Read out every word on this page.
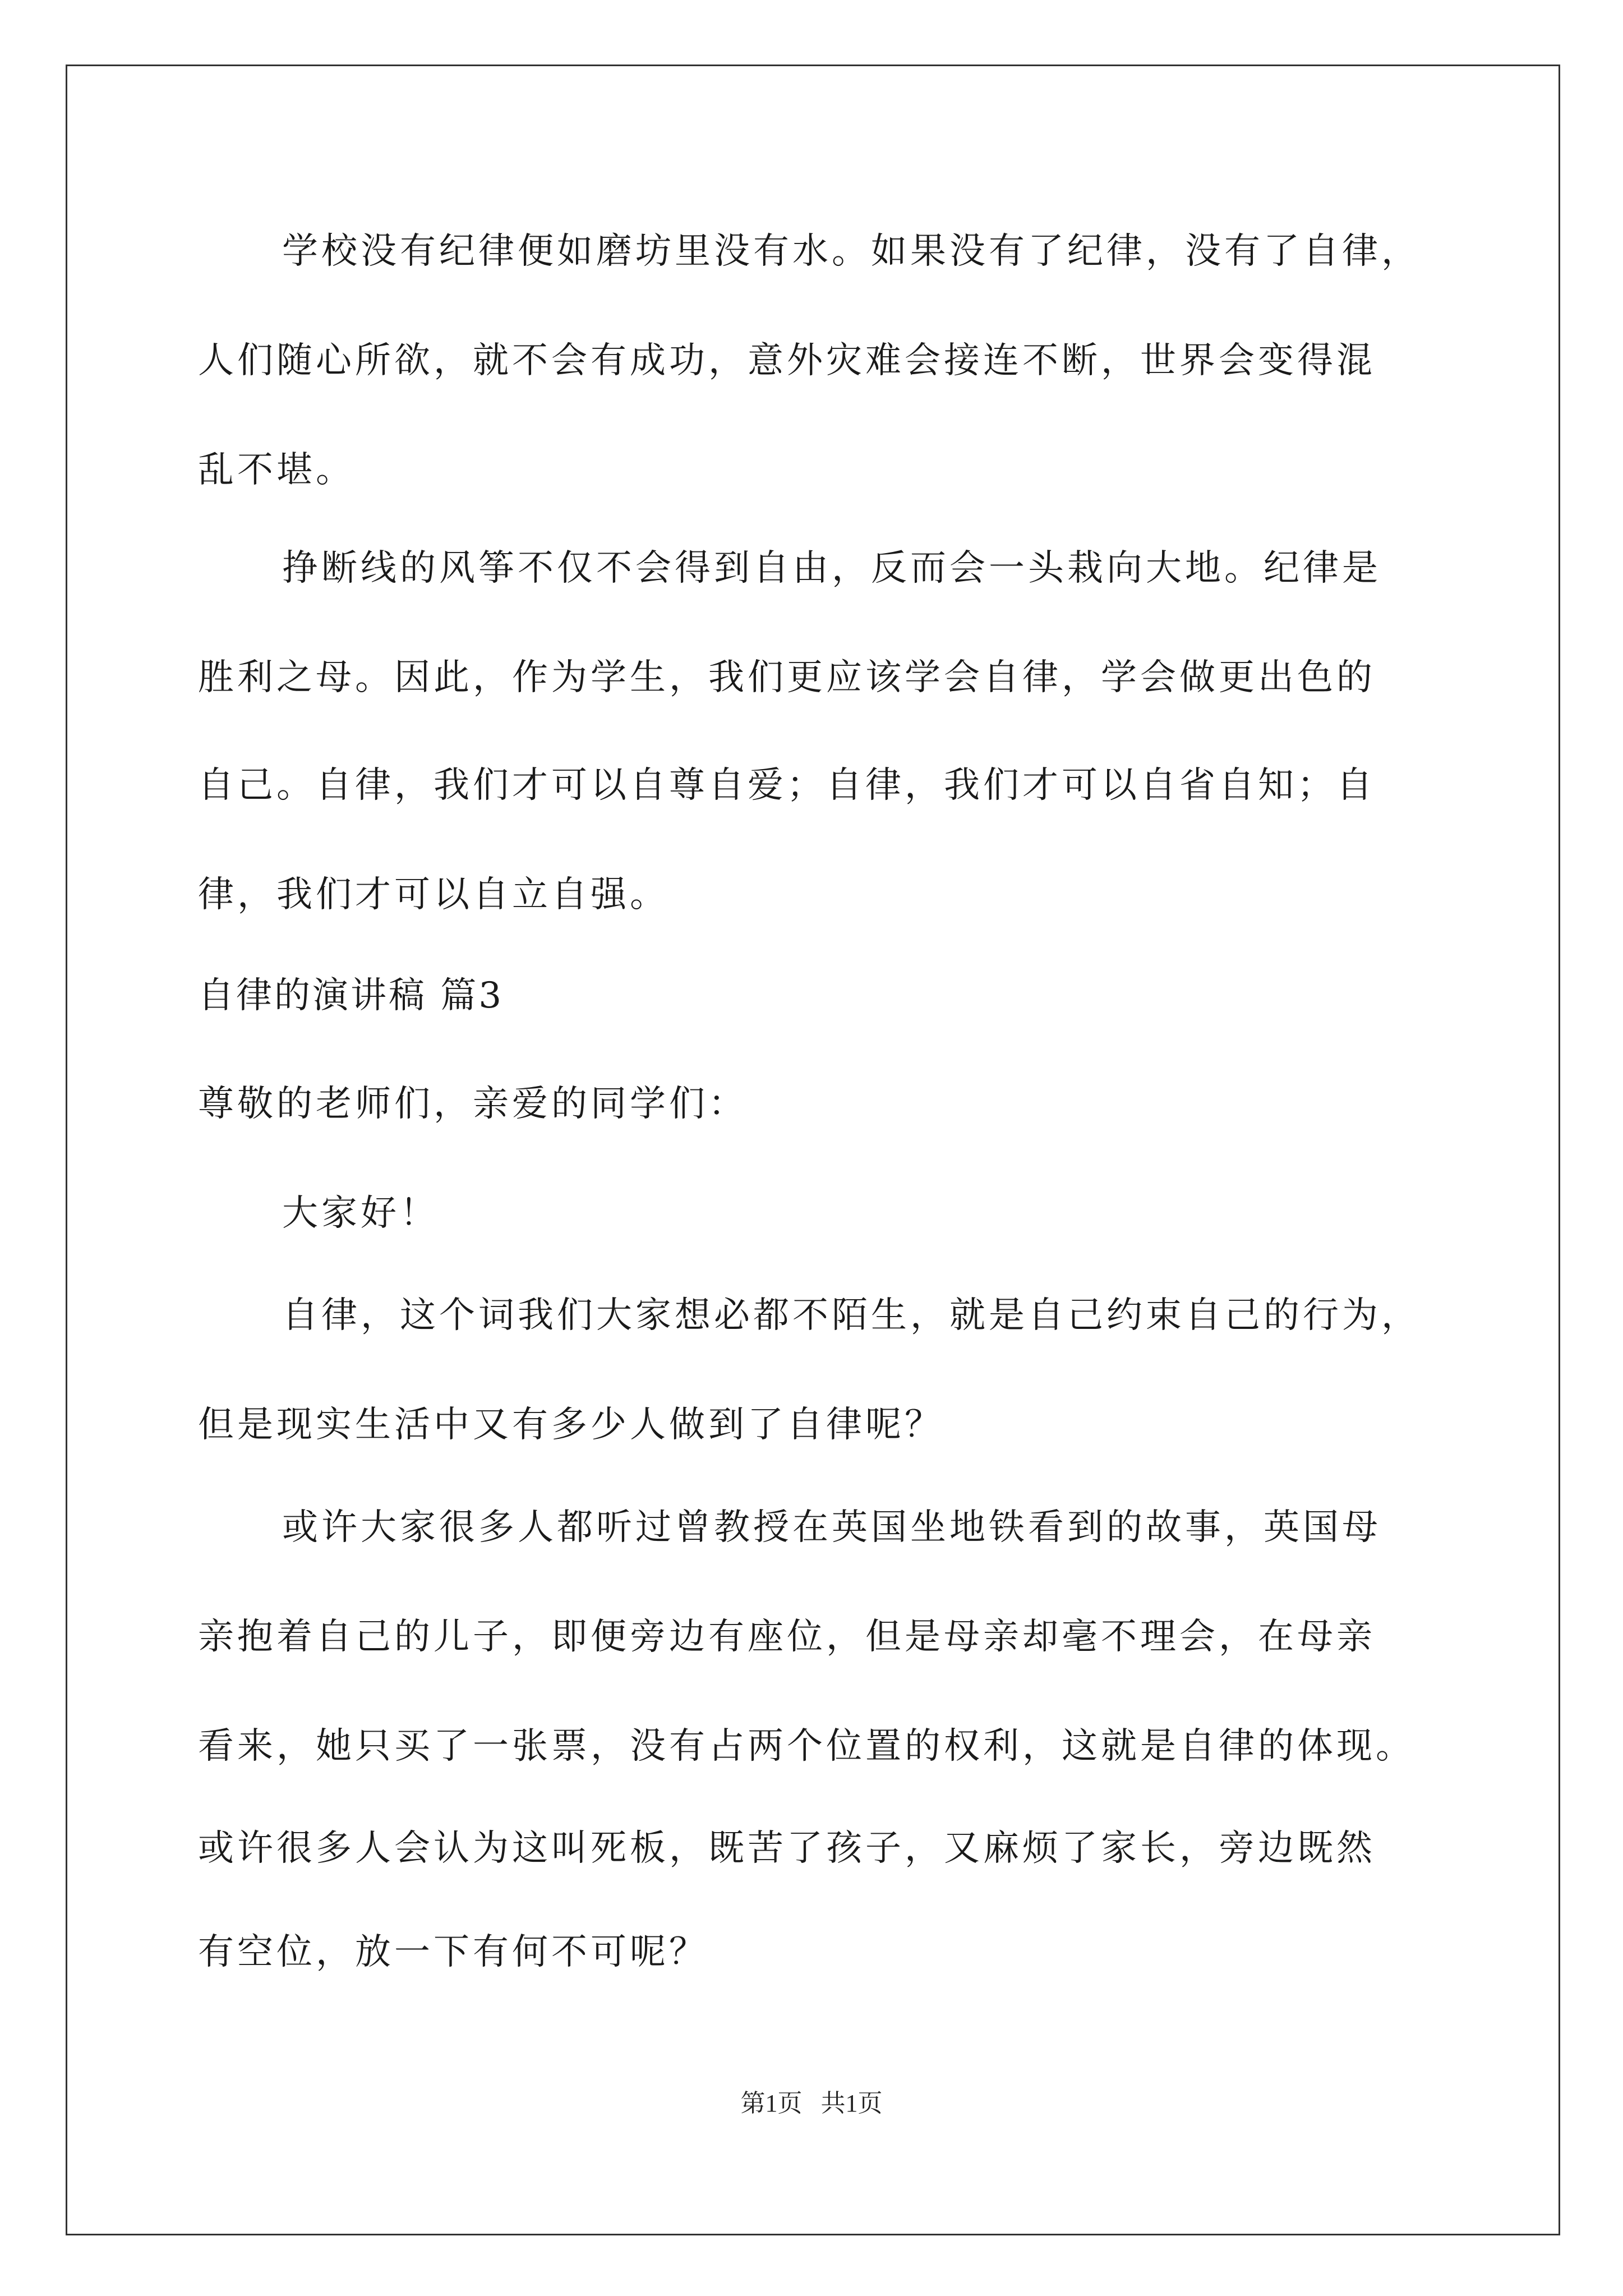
学校没有纪律便如磨坊里没有水。如果没有了纪律，没有了自律，
人们随心所欲，就不会有成功，意外灾难会接连不断，世界会变得混
乱不堪。
挣断线的风筝不仅不会得到自由，反而会一头栽向大地。纪律是
胜利之母。因此，作为学生，我们更应该学会自律，学会做更出色的
自己。自律，我们才可以自尊自爱；自律，我们才可以自省自知；自
律，我们才可以自立自强。
自律的演讲稿 篇3
尊敬的老师们，亲爱的同学们：
大家好！
自律，这个词我们大家想必都不陌生，就是自己约束自己的行为，
但是现实生活中又有多少人做到了自律呢？
或许大家很多人都听过曾教授在英国坐地铁看到的故事，英国母
亲抱着自己的儿子，即便旁边有座位，但是母亲却毫不理会，在母亲
看来，她只买了一张票，没有占两个位置的权利，这就是自律的体现。
或许很多人会认为这叫死板，既苦了孩子，又麻烦了家长，旁边既然
有空位，放一下有何不可呢？
第1页   共1页
